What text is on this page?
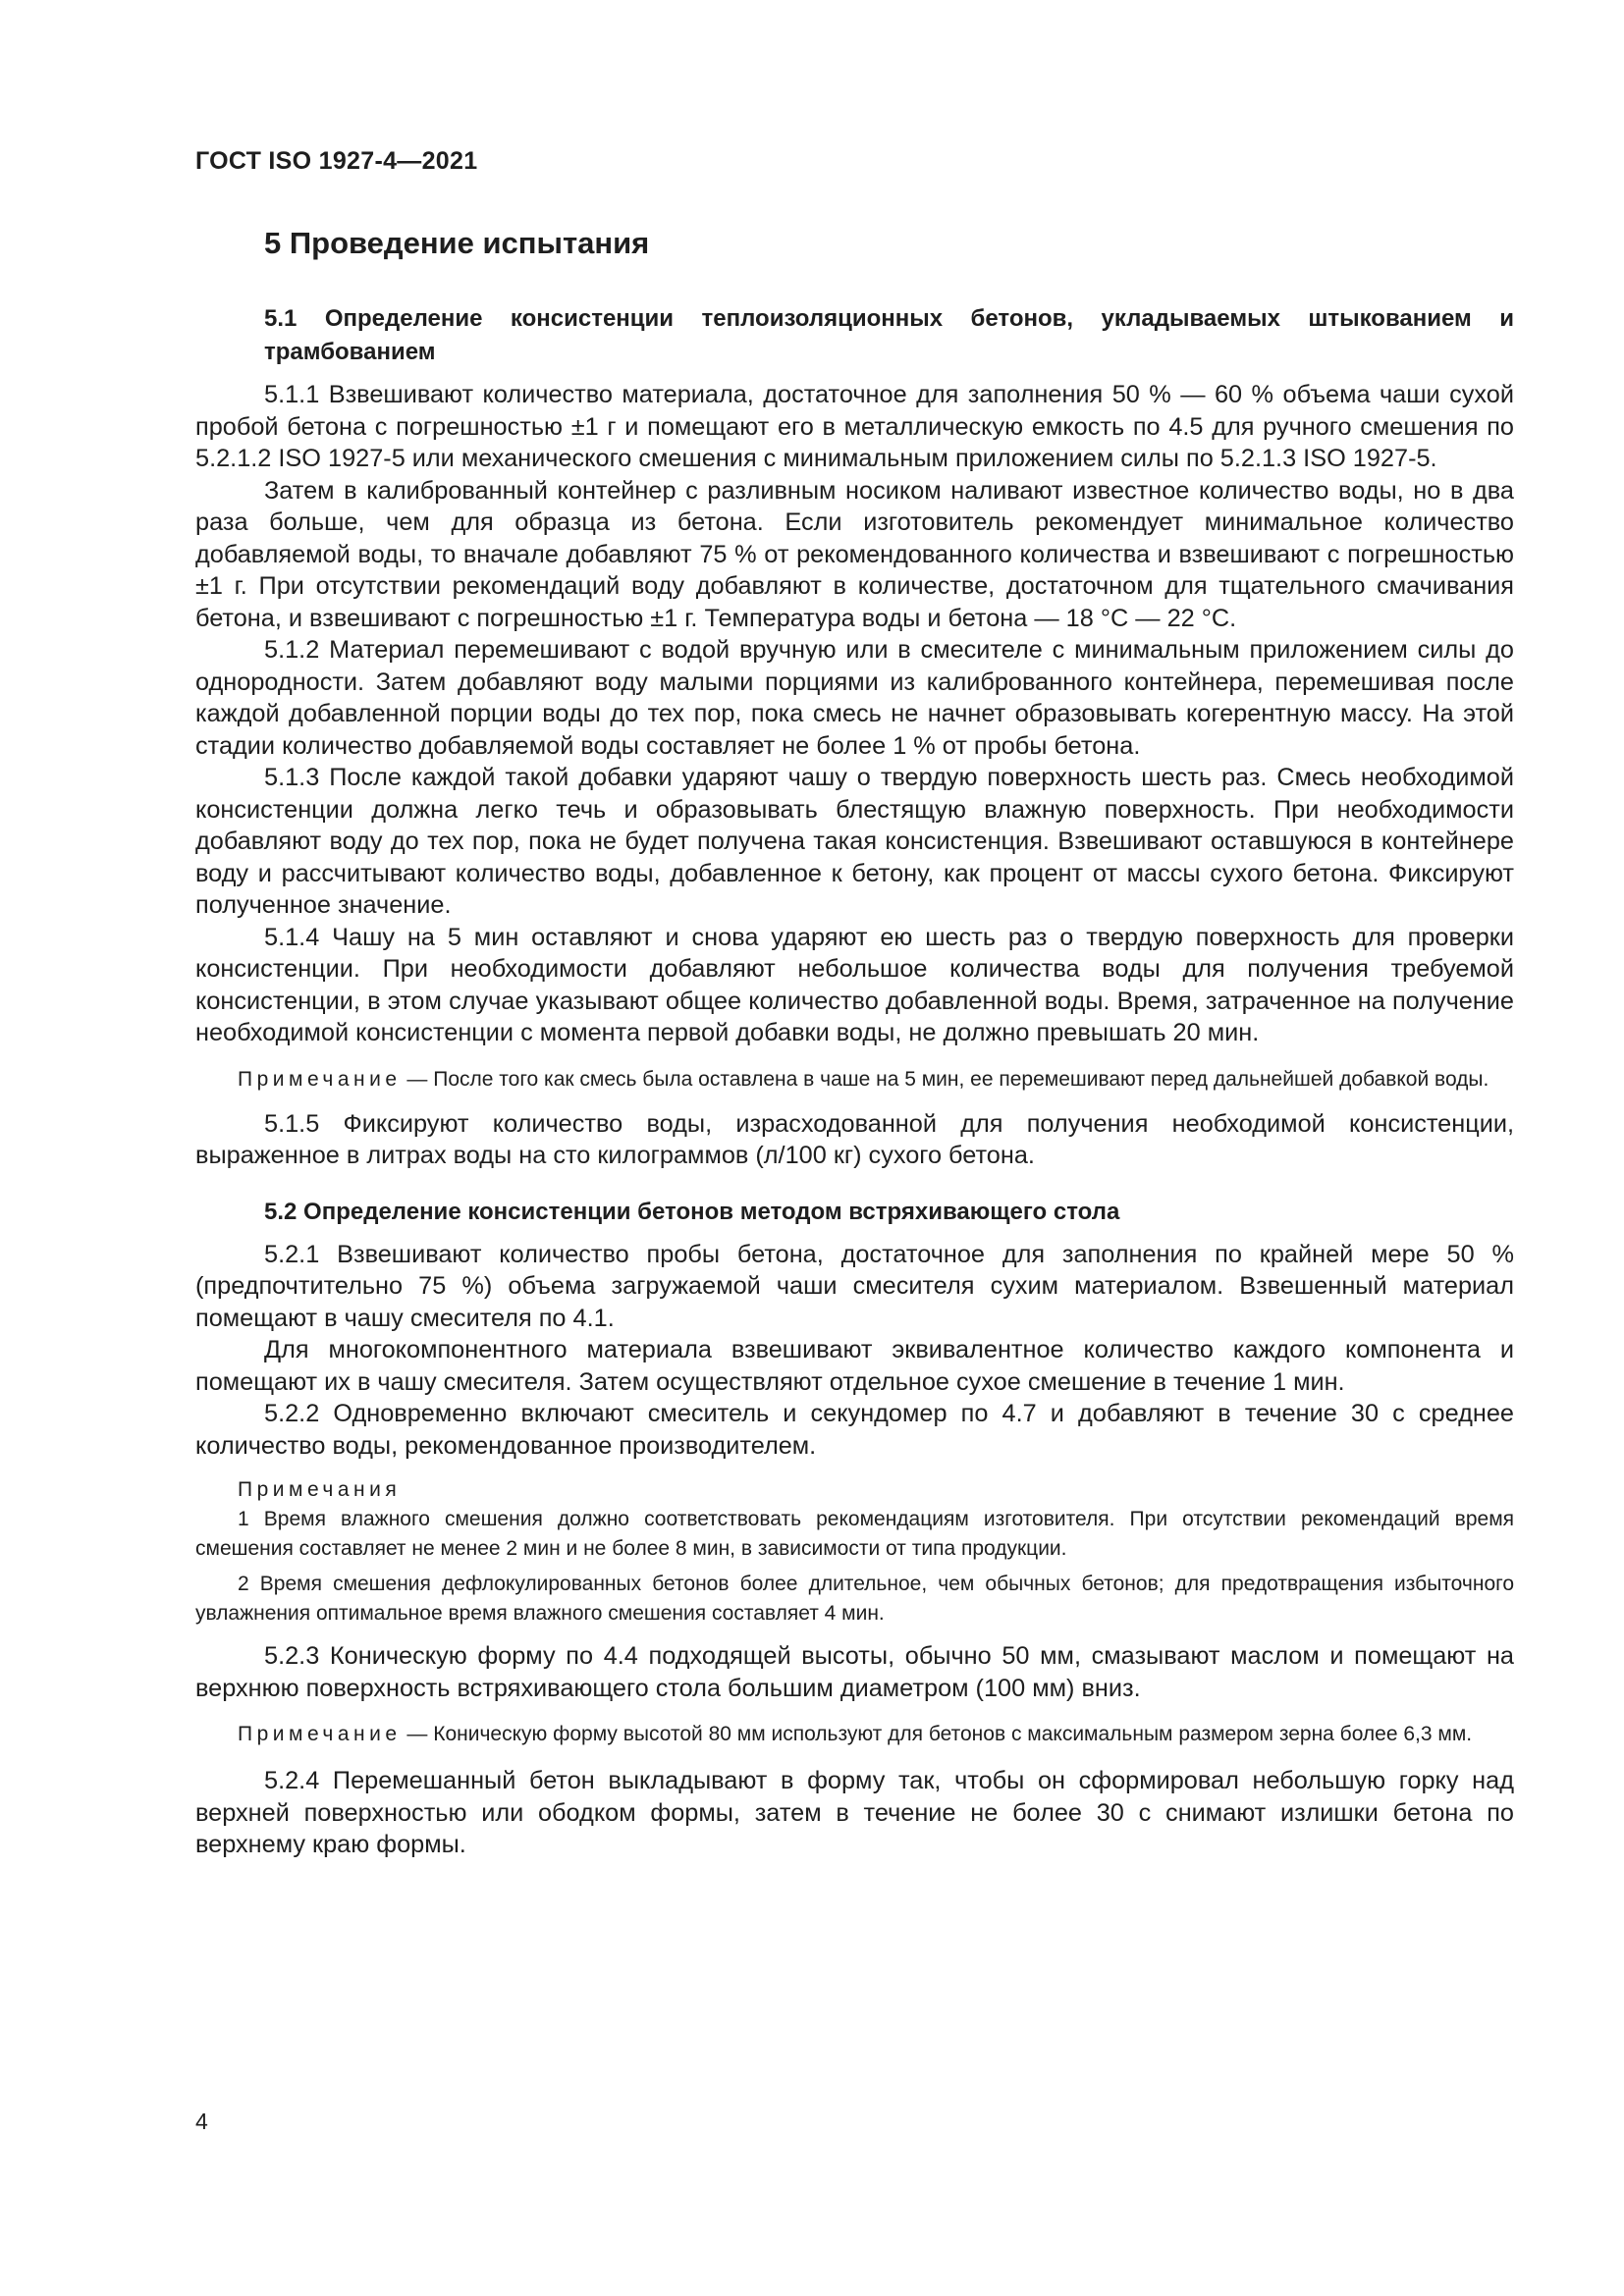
ГОСТ ISO 1927-4—2021
5 Проведение испытания
5.1 Определение консистенции теплоизоляционных бетонов, укладываемых штыкованием и трамбованием

5.1.1 Взвешивают количество материала, достаточное для заполнения 50 % — 60 % объема чаши сухой пробой бетона с погрешностью ±1 г и помещают его в металлическую емкость по 4.5 для ручного смешения по 5.2.1.2 ISO 1927-5 или механического смешения с минимальным приложением силы по 5.2.1.3 ISO 1927-5.

Затем в калиброванный контейнер с разливным носиком наливают известное количество воды, но в два раза больше, чем для образца из бетона. Если изготовитель рекомендует минимальное количество добавляемой воды, то вначале добавляют 75 % от рекомендованного количества и взвешивают с погрешностью ±1 г. При отсутствии рекомендаций воду добавляют в количестве, достаточном для тщательного смачивания бетона, и взвешивают с погрешностью ±1 г. Температура воды и бетона — 18 °C — 22 °C.

5.1.2 Материал перемешивают с водой вручную или в смесителе с минимальным приложением силы до однородности. Затем добавляют воду малыми порциями из калиброванного контейнера, перемешивая после каждой добавленной порции воды до тех пор, пока смесь не начнет образовывать когерентную массу. На этой стадии количество добавляемой воды составляет не более 1 % от пробы бетона.

5.1.3 После каждой такой добавки ударяют чашу о твердую поверхность шесть раз. Смесь необходимой консистенции должна легко течь и образовывать блестящую влажную поверхность. При необходимости добавляют воду до тех пор, пока не будет получена такая консистенция. Взвешивают оставшуюся в контейнере воду и рассчитывают количество воды, добавленное к бетону, как процент от массы сухого бетона. Фиксируют полученное значение.

5.1.4 Чашу на 5 мин оставляют и снова ударяют ею шесть раз о твердую поверхность для проверки консистенции. При необходимости добавляют небольшое количества воды для получения требуемой консистенции, в этом случае указывают общее количество добавленной воды. Время, затраченное на получение необходимой консистенции с момента первой добавки воды, не должно превышать 20 мин.

Примечание — После того как смесь была оставлена в чаше на 5 мин, ее перемешивают перед дальнейшей добавкой воды.

5.1.5 Фиксируют количество воды, израсходованной для получения необходимой консистенции, выраженное в литрах воды на сто килограммов (л/100 кг) сухого бетона.

5.2 Определение консистенции бетонов методом встряхивающего стола

5.2.1 Взвешивают количество пробы бетона, достаточное для заполнения по крайней мере 50 % (предпочтительно 75 %) объема загружаемой чаши смесителя сухим материалом. Взвешенный материал помещают в чашу смесителя по 4.1.

Для многокомпонентного материала взвешивают эквивалентное количество каждого компонента и помещают их в чашу смесителя. Затем осуществляют отдельное сухое смешение в течение 1 мин.

5.2.2 Одновременно включают смеситель и секундомер по 4.7 и добавляют в течение 30 с среднее количество воды, рекомендованное производителем.

Примечания
1 Время влажного смешения должно соответствовать рекомендациям изготовителя. При отсутствии рекомендаций время смешения составляет не менее 2 мин и не более 8 мин, в зависимости от типа продукции.
2 Время смешения дефлокулированных бетонов более длительное, чем обычных бетонов; для предотвращения избыточного увлажнения оптимальное время влажного смешения составляет 4 мин.

5.2.3 Коническую форму по 4.4 подходящей высоты, обычно 50 мм, смазывают маслом и помещают на верхнюю поверхность встряхивающего стола большим диаметром (100 мм) вниз.

Примечание — Коническую форму высотой 80 мм используют для бетонов с максимальным размером зерна более 6,3 мм.

5.2.4 Перемешанный бетон выкладывают в форму так, чтобы он сформировал небольшую горку над верхней поверхностью или ободком формы, затем в течение не более 30 с снимают излишки бетона по верхнему краю формы.

4
